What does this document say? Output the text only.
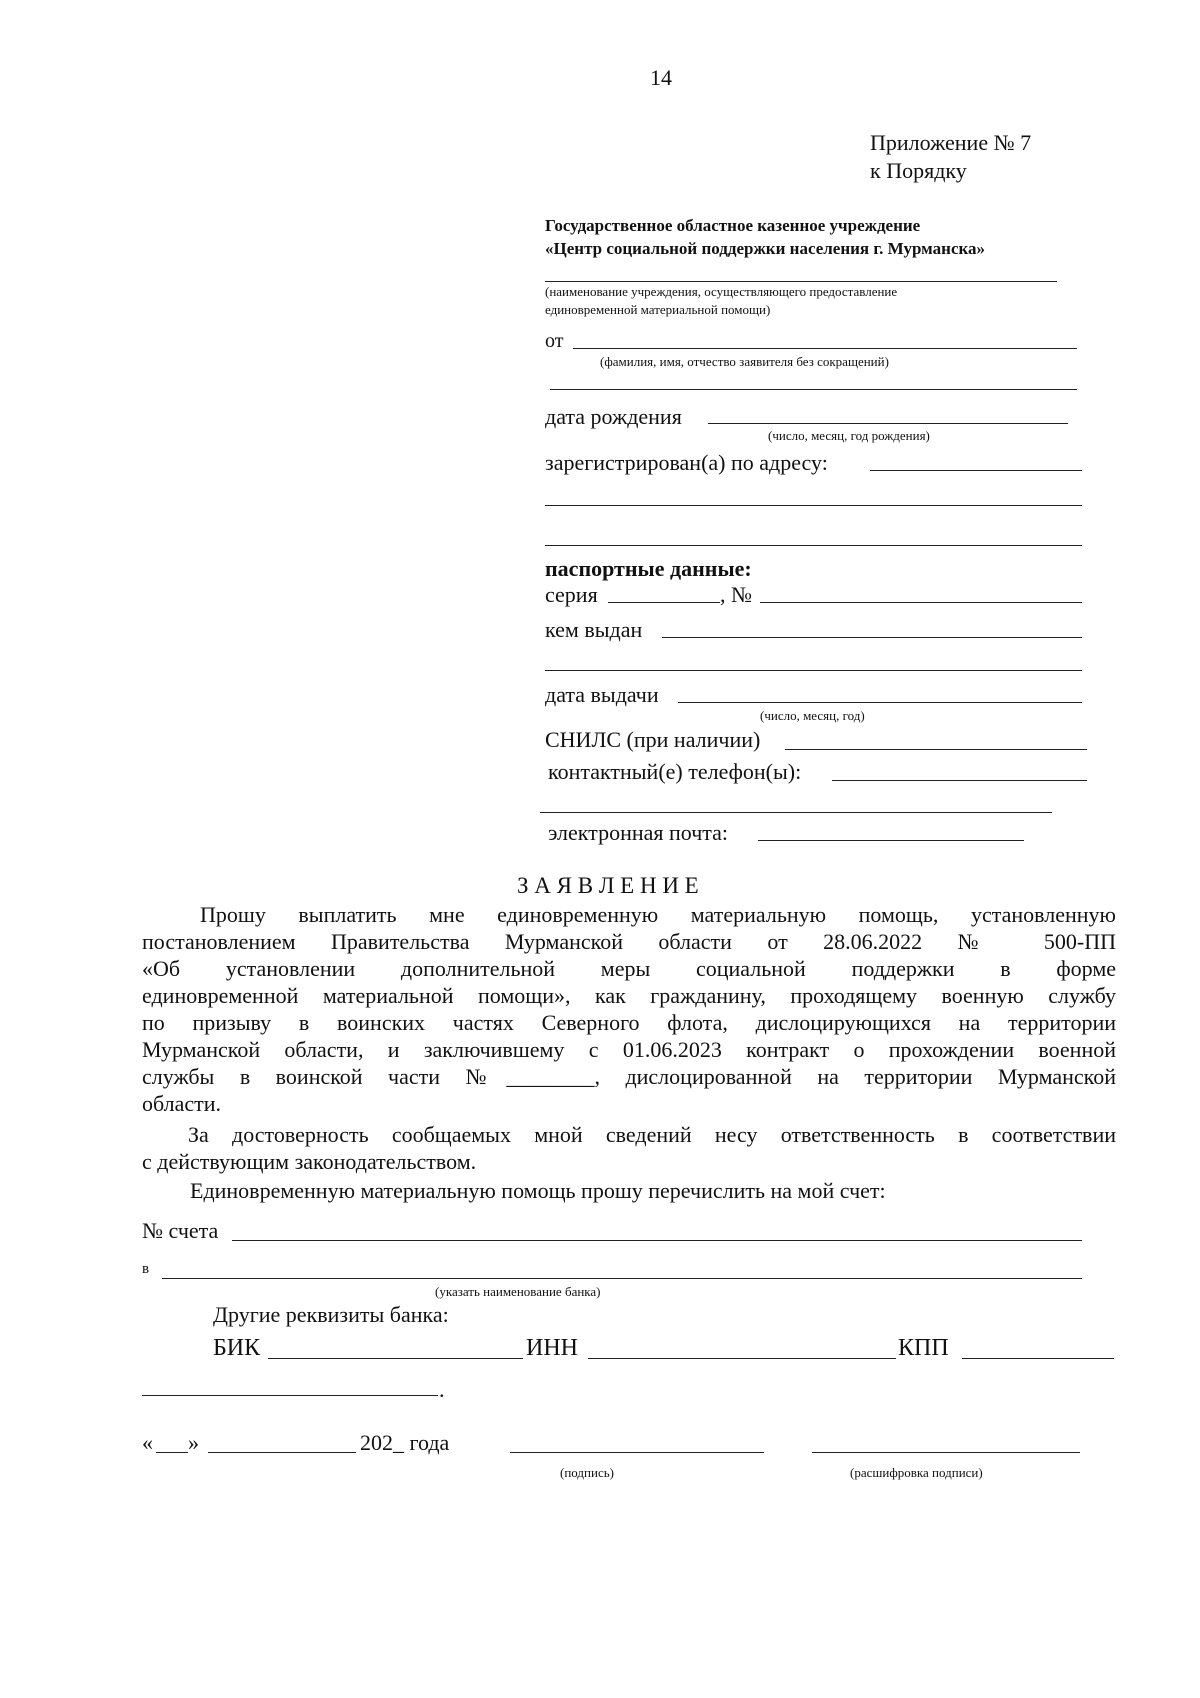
14
Приложение № 7
к Порядку
Государственное областное казенное учреждение
«Центр социальной поддержки населения г. Мурманска»
(наименование учреждения, осуществляющего предоставление
единовременной материальной помощи)
от
(фамилия, имя, отчество заявителя без сокращений)
дата рождения
(число, месяц, год рождения)
зарегистрирован(а) по адресу:
паспортные данные:
серия	, №
кем выдан
дата выдачи
(число, месяц, год)
СНИЛС (при наличии)
контактный(е) телефон(ы):
электронная почта:
З А Я В Л Е Н И Е
Прошу выплатить мне единовременную материальную помощь, установленную
постановлением Правительства Мурманской области от 28.06.2022 № 500-ПП
«Об установлении дополнительной меры социальной поддержки в форме
единовременной материальной помощи», как гражданину, проходящему военную службу
по призыву в воинских частях Северного флота, дислоцирующихся на территории
Мурманской области, и заключившему с 01.06.2023 контракт о прохождении военной
службы в воинской части №________, дислоцированной на территории Мурманской
области.
За достоверность сообщаемых мной сведений несу ответственность в соответствии
с действующим законодательством.
Единовременную материальную помощь прошу перечислить на мой счет:
№ счета
в
(указать наименование банка)
Другие реквизиты банка:
БИК	ИНН	КПП
.
« »	202_ года
(подпись)	(расшифровка подписи)
